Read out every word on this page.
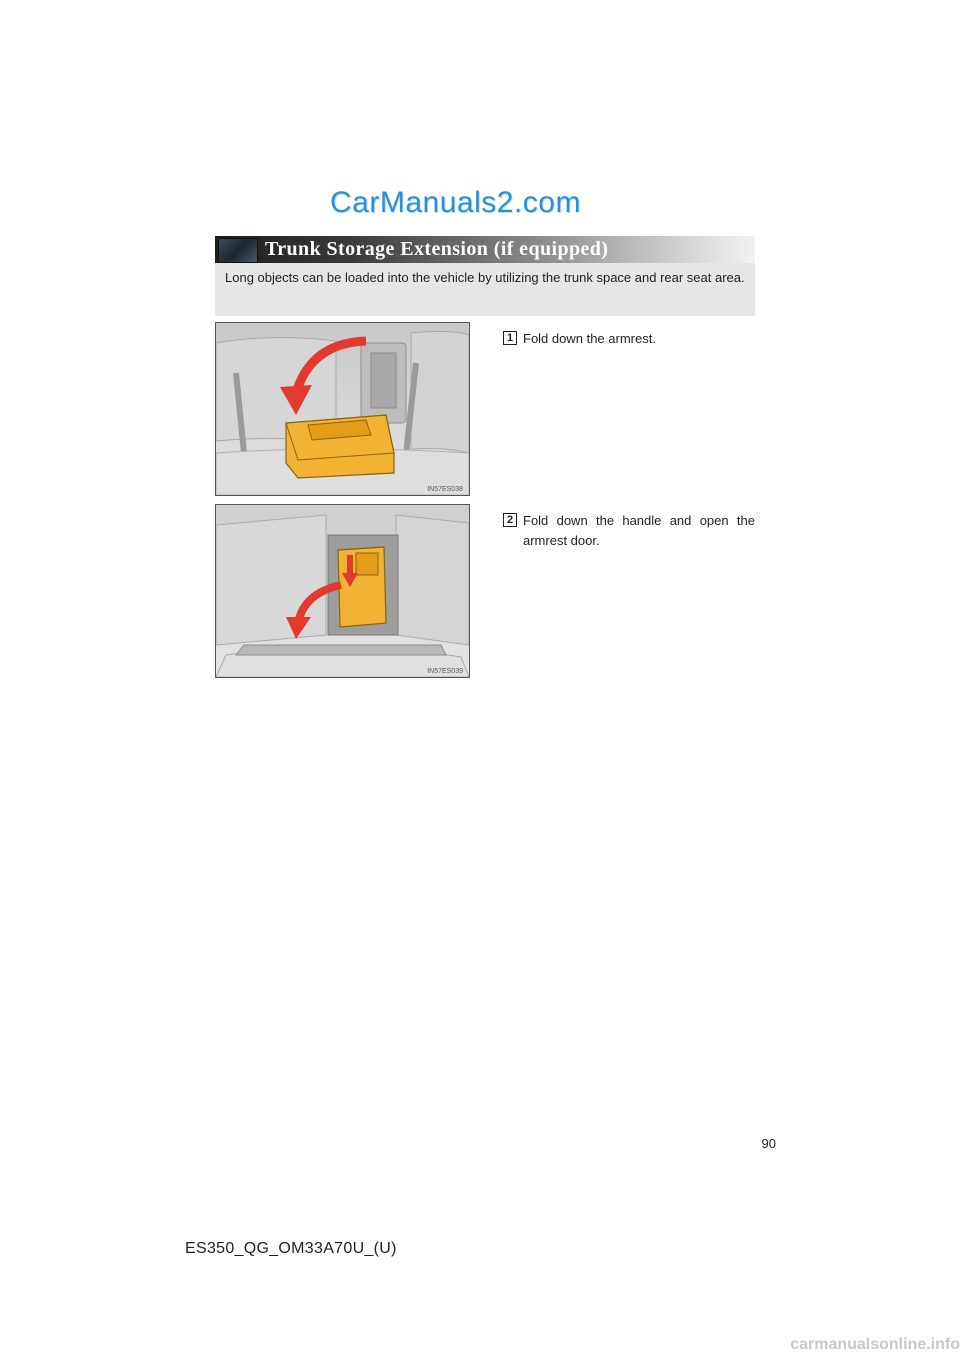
CarManuals2.com
Trunk Storage Extension (if equipped)
Long objects can be loaded into the vehicle by utilizing the trunk space and rear seat area.
IN57ES038
1 Fold down the armrest.
IN57ES039
2 Fold down the handle and open the armrest door.
90
ES350_QG_OM33A70U_(U)
carmanualsonline.info
